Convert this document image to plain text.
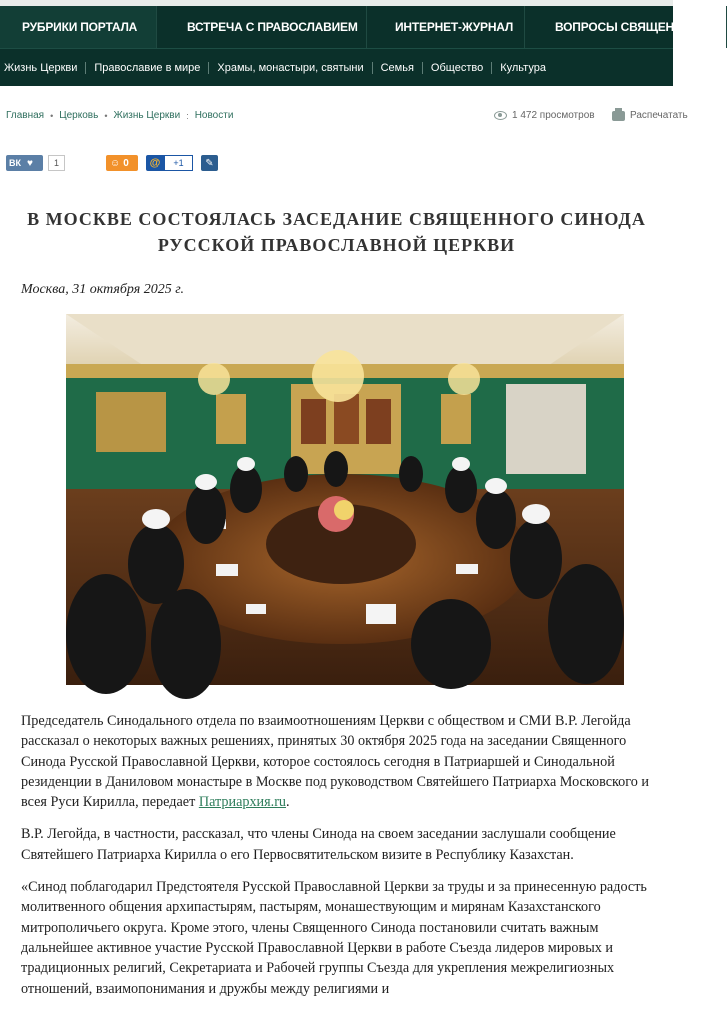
РУБРИКИ ПОРТАЛА	ВСТРЕЧА С ПРАВОСЛАВИЕМ	ИНТЕРНЕТ-ЖУРНАЛ	ВОПРОСЫ СВЯЩЕННИКУ
Жизнь Церкви Православие в мире Храмы, монастыри, святыни Семья Общество Культура
Главная • Церковь • Жизнь Церкви : Новости	1 472 просмотров	Распечатать
ВК ♥	1	☺ 0 @	+1	✎
В МОСКВЕ СОСТОЯЛАСЬ ЗАСЕДАНИЕ СВЯЩЕННОГО СИНОДА РУССКОЙ ПРАВОСЛАВНОЙ ЦЕРКВИ
Москва, 31 октября 2025 г.

Председатель Синодального отдела по взаимоотношениям Церкви с обществом и СМИ В.Р. Легойда рассказал о некоторых важных решениях, принятых 30 октября 2025 года на заседании Священного Синода Русской Православной Церкви, которое состоялось сегодня в Патриаршей и Синодальной резиденции в Даниловом монастыре в Москве под руководством Святейшего Патриарха Московского и всея Руси Кирилла, передает Патриархия.ru.

В.Р. Легойда, в частности, рассказал, что члены Синода на своем заседании заслушали сообщение Святейшего Патриарха Кирилла о его Первосвятительском визите в Республику Казахстан.

«Синод поблагодарил Предстоятеля Русской Православной Церкви за труды и за принесенную радость молитвенного общения архипастырям, пастырям, монашествующим и мирянам Казахстанского митрополичьего округа. Кроме этого, члены Священного Синода постановили считать важным дальнейшее активное участие Русской Православной Церкви в работе Съезда лидеров мировых и традиционных религий, Секретариата и Рабочей группы Съезда для укрепления межрелигиозных отношений, взаимопонимания и дружбы между религиями и
